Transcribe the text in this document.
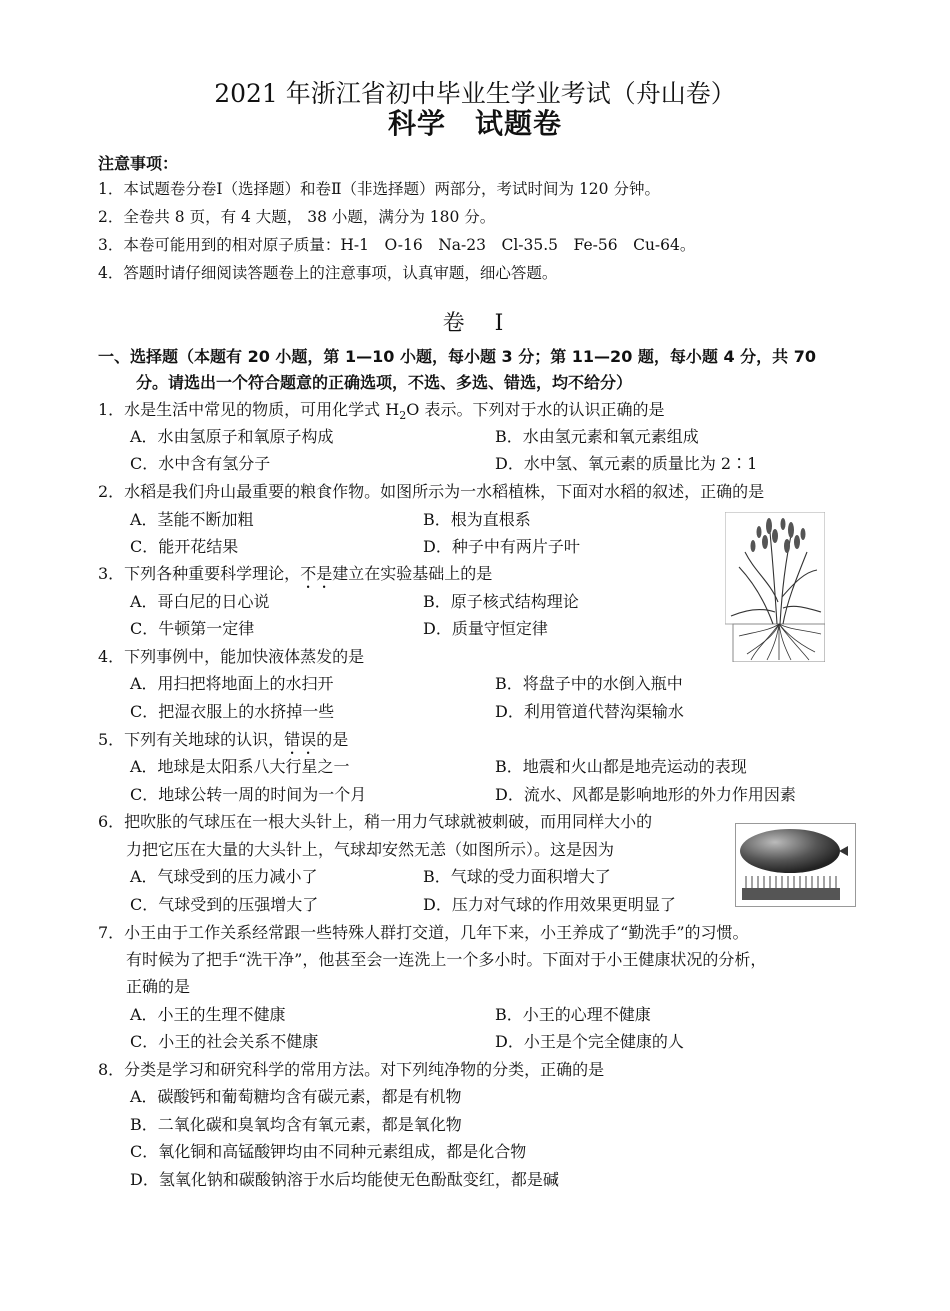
2021 年浙江省初中毕业生学业考试（舟山卷）
科学　试题卷
注意事项：
1．本试题卷分卷Ⅰ（选择题）和卷Ⅱ（非选择题）两部分，考试时间为 120 分钟。
2．全卷共 8 页，有 4 大题， 38 小题，满分为 180 分。
3．本卷可能用到的相对原子质量：H-1　O-16　Na-23　Cl-35.5　Fe-56　Cu-64。
4．答题时请仔细阅读答题卷上的注意事项，认真审题，细心答题。
卷　Ⅰ
一、选择题（本题有 20 小题，第 1—10 小题，每小题 3 分；第 11—20 题，每小题 4 分，共 70
分。请选出一个符合题意的正确选项，不选、多选、错选，均不给分）
1．水是生活中常见的物质，可用化学式 $H_2O$ 表示。下列对于水的认识正确的是
A．水由氢原子和氧原子构成	B．水由氢元素和氧元素组成
C．水中含有氢分子	D．水中氢、氧元素的质量比为 2∶1
2．水稻是我们舟山最重要的粮食作物。如图所示为一水稻植株，下面对水稻的叙述，正确的是
A．茎能不断加粗	B．根为直根系
C．能开花结果	D．种子中有两片子叶
3．下列各种重要科学理论，不是建立在实验基础上的是
A．哥白尼的日心说	B．原子核式结构理论
C．牛顿第一定律	D．质量守恒定律
4．下列事例中，能加快液体蒸发的是
A．用扫把将地面上的水扫开	B．将盘子中的水倒入瓶中
C．把湿衣服上的水挤掉一些	D．利用管道代替沟渠输水
5．下列有关地球的认识，错误的是
A．地球是太阳系八大行星之一	B．地震和火山都是地壳运动的表现
C．地球公转一周的时间为一个月	D．流水、风都是影响地形的外力作用因素
6．把吹胀的气球压在一根大头针上，稍一用力气球就被刺破，而用同样大小的
力把它压在大量的大头针上，气球却安然无恙（如图所示）。这是因为
A．气球受到的压力减小了	B．气球的受力面积增大了
C．气球受到的压强增大了	D．压力对气球的作用效果更明显了
7．小王由于工作关系经常跟一些特殊人群打交道，几年下来，小王养成了“勤洗手”的习惯。
有时候为了把手“洗干净”，他甚至会一连洗上一个多小时。下面对于小王健康状况的分析，
正确的是
A．小王的生理不健康	B．小王的心理不健康
C．小王的社会关系不健康	D．小王是个完全健康的人
8．分类是学习和研究科学的常用方法。对下列纯净物的分类，正确的是
A．碳酸钙和葡萄糖均含有碳元素，都是有机物
B．二氧化碳和臭氧均含有氧元素，都是氧化物
C．氧化铜和高锰酸钾均由不同种元素组成，都是化合物
D．氢氧化钠和碳酸钠溶于水后均能使无色酚酞变红，都是碱
